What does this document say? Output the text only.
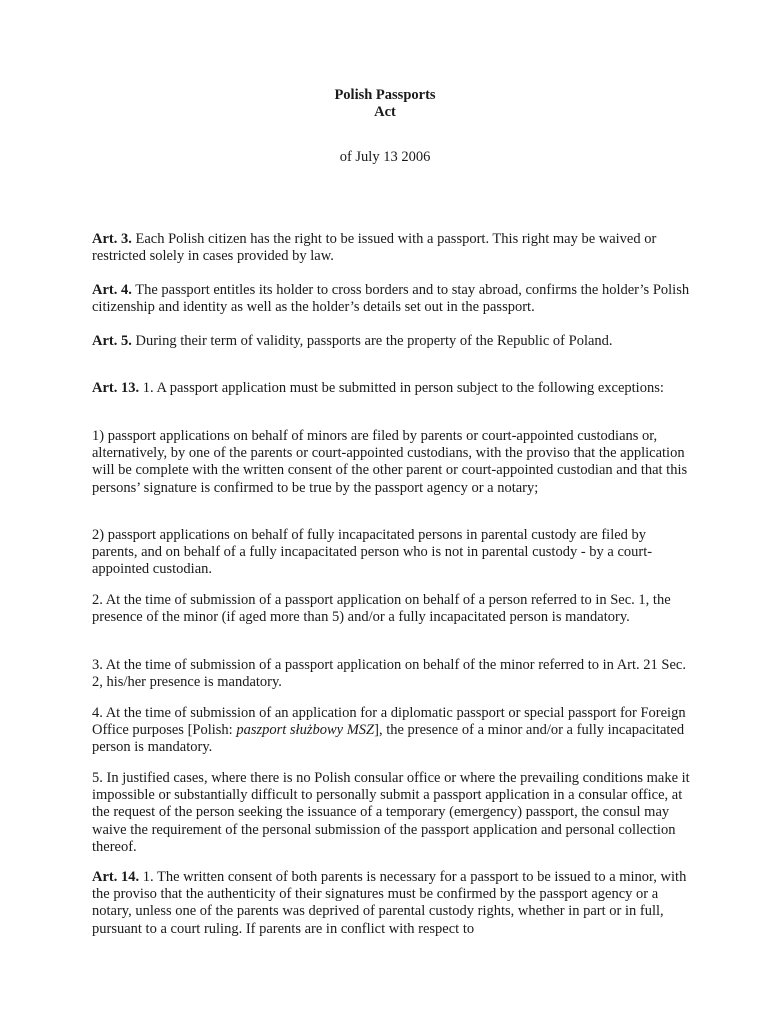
Polish Passports
Act
of July 13 2006

Art. 3. Each Polish citizen has the right to be issued with a passport. This right may be waived or restricted solely in cases provided by law.

Art. 4. The passport entitles its holder to cross borders and to stay abroad, confirms the holder’s Polish citizenship and identity as well as the holder’s details set out in the passport.

Art. 5. During their term of validity, passports are the property of the Republic of Poland.

Art. 13. 1. A passport application must be submitted in person subject to the following exceptions:

1) passport applications on behalf of minors are filed by parents or court-appointed custodians or, alternatively, by one of the parents or court-appointed custodians, with the proviso that the application will be complete with the written consent of the other parent or court-appointed custodian and that this persons’ signature is confirmed to be true by the passport agency or a notary;

2) passport applications on behalf of fully incapacitated persons in parental custody are filed by parents, and on behalf of a fully incapacitated person who is not in parental custody - by a court-appointed custodian.

2. At the time of submission of a passport application on behalf of a person referred to in Sec. 1, the presence of the minor (if aged more than 5) and/or a fully incapacitated person is mandatory.

3. At the time of submission of a passport application on behalf of the minor referred to in Art. 21 Sec. 2, his/her presence is mandatory.

4. At the time of submission of an application for a diplomatic passport or special passport for Foreign Office purposes [Polish: paszport służbowy MSZ], the presence of a minor and/or a fully incapacitated person is mandatory.

5. In justified cases, where there is no Polish consular office or where the prevailing conditions make it impossible or substantially difficult to personally submit a passport application in a consular office, at the request of the person seeking the issuance of a temporary (emergency) passport, the consul may waive the requirement of the personal submission of the passport application and personal collection thereof.

Art. 14. 1. The written consent of both parents is necessary for a passport to be issued to a minor, with the proviso that the authenticity of their signatures must be confirmed by the passport agency or a notary, unless one of the parents was deprived of parental custody rights, whether in part or in full, pursuant to a court ruling. If parents are in conflict with respect to
